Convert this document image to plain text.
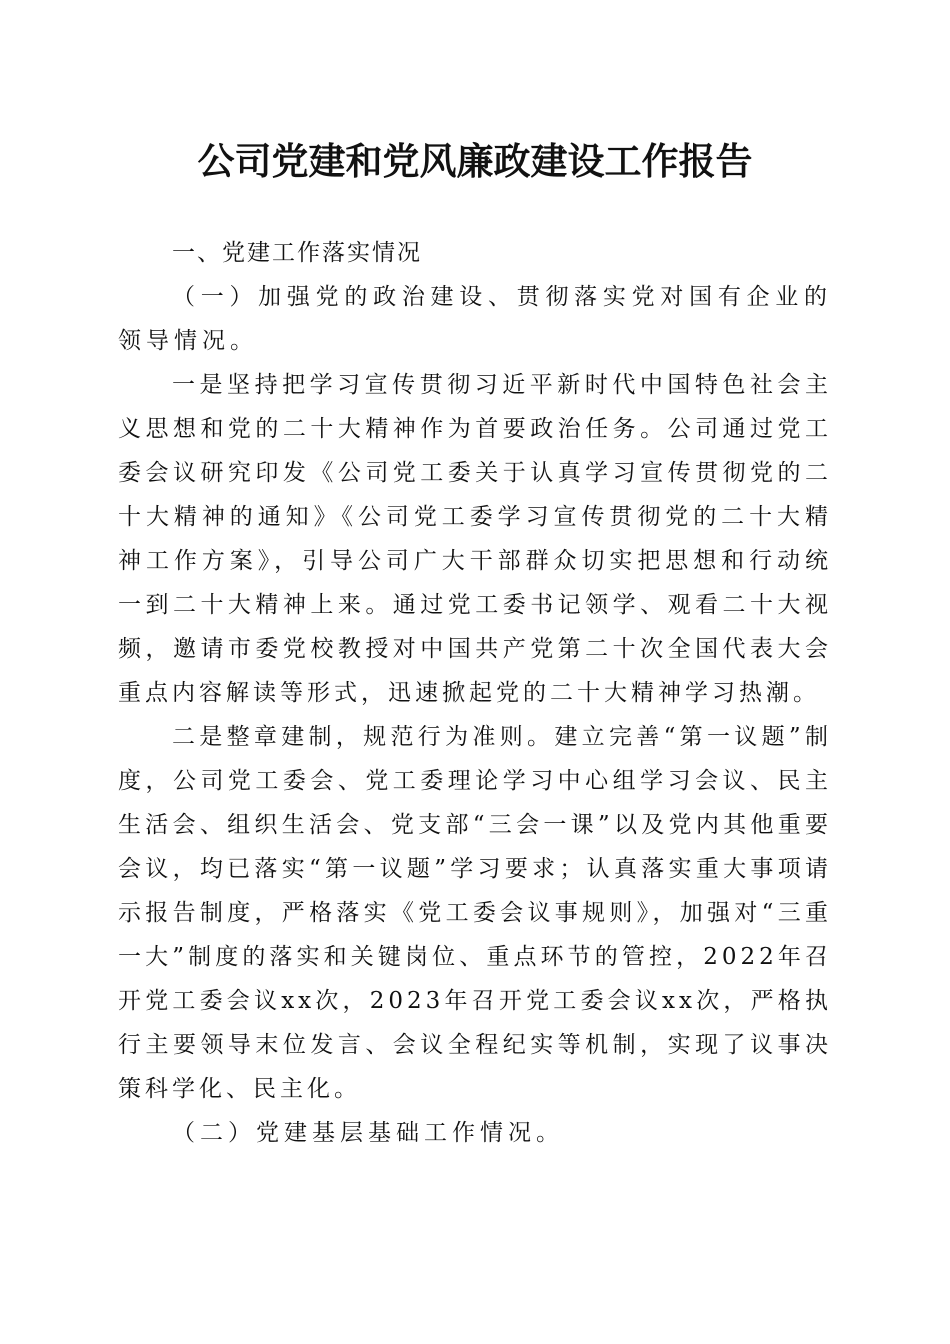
公司党建和党风廉政建设工作报告

一、党建工作落实情况

（一）加强党的政治建设、贯彻落实党对国有企业的领导情况。

一是坚持把学习宣传贯彻习近平新时代中国特色社会主义思想和党的二十大精神作为首要政治任务。公司通过党工委会议研究印发《公司党工委关于认真学习宣传贯彻党的二十大精神的通知》《公司党工委学习宣传贯彻党的二十大精神工作方案》，引导公司广大干部群众切实把思想和行动统一到二十大精神上来。通过党工委书记领学、观看二十大视频，邀请市委党校教授对中国共产党第二十次全国代表大会重点内容解读等形式，迅速掀起党的二十大精神学习热潮。

二是整章建制，规范行为准则。建立完善“第一议题”制度，公司党工委会、党工委理论学习中心组学习会议、民主生活会、组织生活会、党支部“三会一课”以及党内其他重要会议，均已落实“第一议题”学习要求；认真落实重大事项请示报告制度，严格落实《党工委会议事规则》，加强对“三重一大”制度的落实和关键岗位、重点环节的管控，2022年召开党工委会议xx次，2023年召开党工委会议xx次，严格执行主要领导末位发言、会议全程纪实等机制，实现了议事决策科学化、民主化。

（二）党建基层基础工作情况。
